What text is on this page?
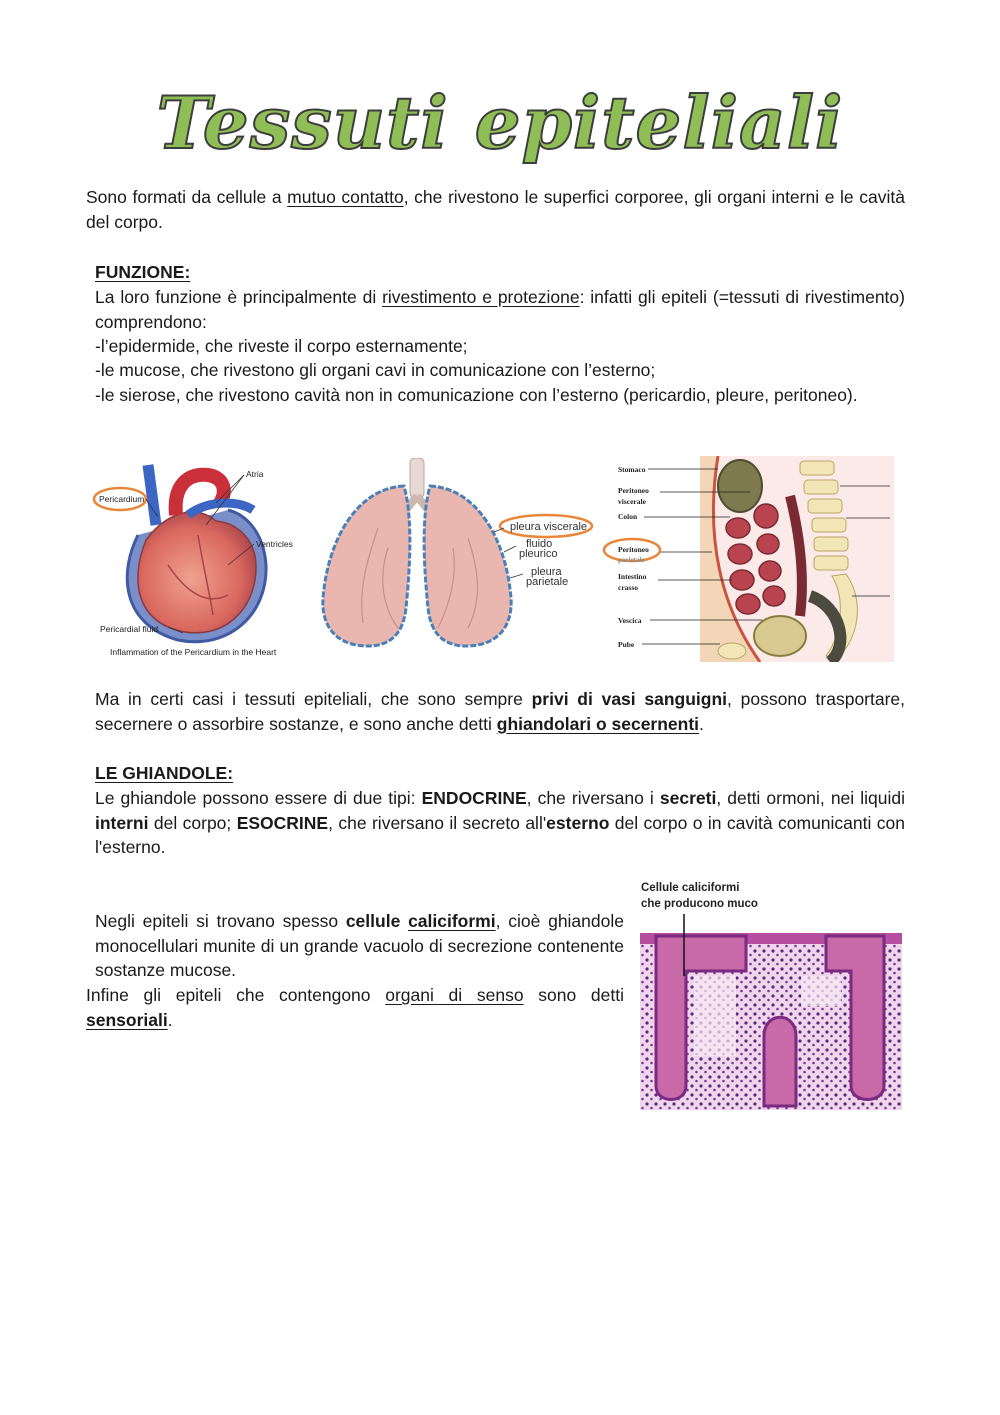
Tessuti epiteliali
Sono formati da cellule a mutuo contatto, che rivestono le superfici corporee, gli organi interni e le cavità del corpo.
FUNZIONE:
La loro funzione è principalmente di rivestimento e protezione: infatti gli epiteli (=tessuti di rivestimento) comprendono:
-l’epidermide, che riveste il corpo esternamente;
-le mucose, che rivestono gli organi cavi in comunicazione con l’esterno;
-le sierose, che rivestono cavità non in comunicazione con l’esterno (pericardio, pleure, peritoneo).
Pericardium
Atria
Ventricles
Pericardial fluid
Inflammation of the Pericardium in the Heart
pleura viscerale
fluido
pleurico
pleura
parietale
Stomaco
Peritoneo
viscerale
Colon
Peritoneo
parietale
Intestino
crasso
Vescica
Pube
Ma in certi casi i tessuti epiteliali, che sono sempre privi di vasi sanguigni, possono trasportare, secernere o assorbire sostanze, e sono anche detti ghiandolari o secernenti.
LE GHIANDOLE:
Le ghiandole possono essere di due tipi: ENDOCRINE, che riversano i secreti, detti ormoni, nei liquidi interni del corpo; ESOCRINE, che riversano il secreto all'esterno del corpo o in cavità comunicanti con l'esterno.
Negli epiteli si trovano spesso cellule caliciformi, cioè ghiandole monocellulari munite di un grande vacuolo di secrezione contenente sostanze mucose.
Infine gli epiteli che contengono organi di senso sono detti sensoriali.
Cellule caliciformi
che producono muco
